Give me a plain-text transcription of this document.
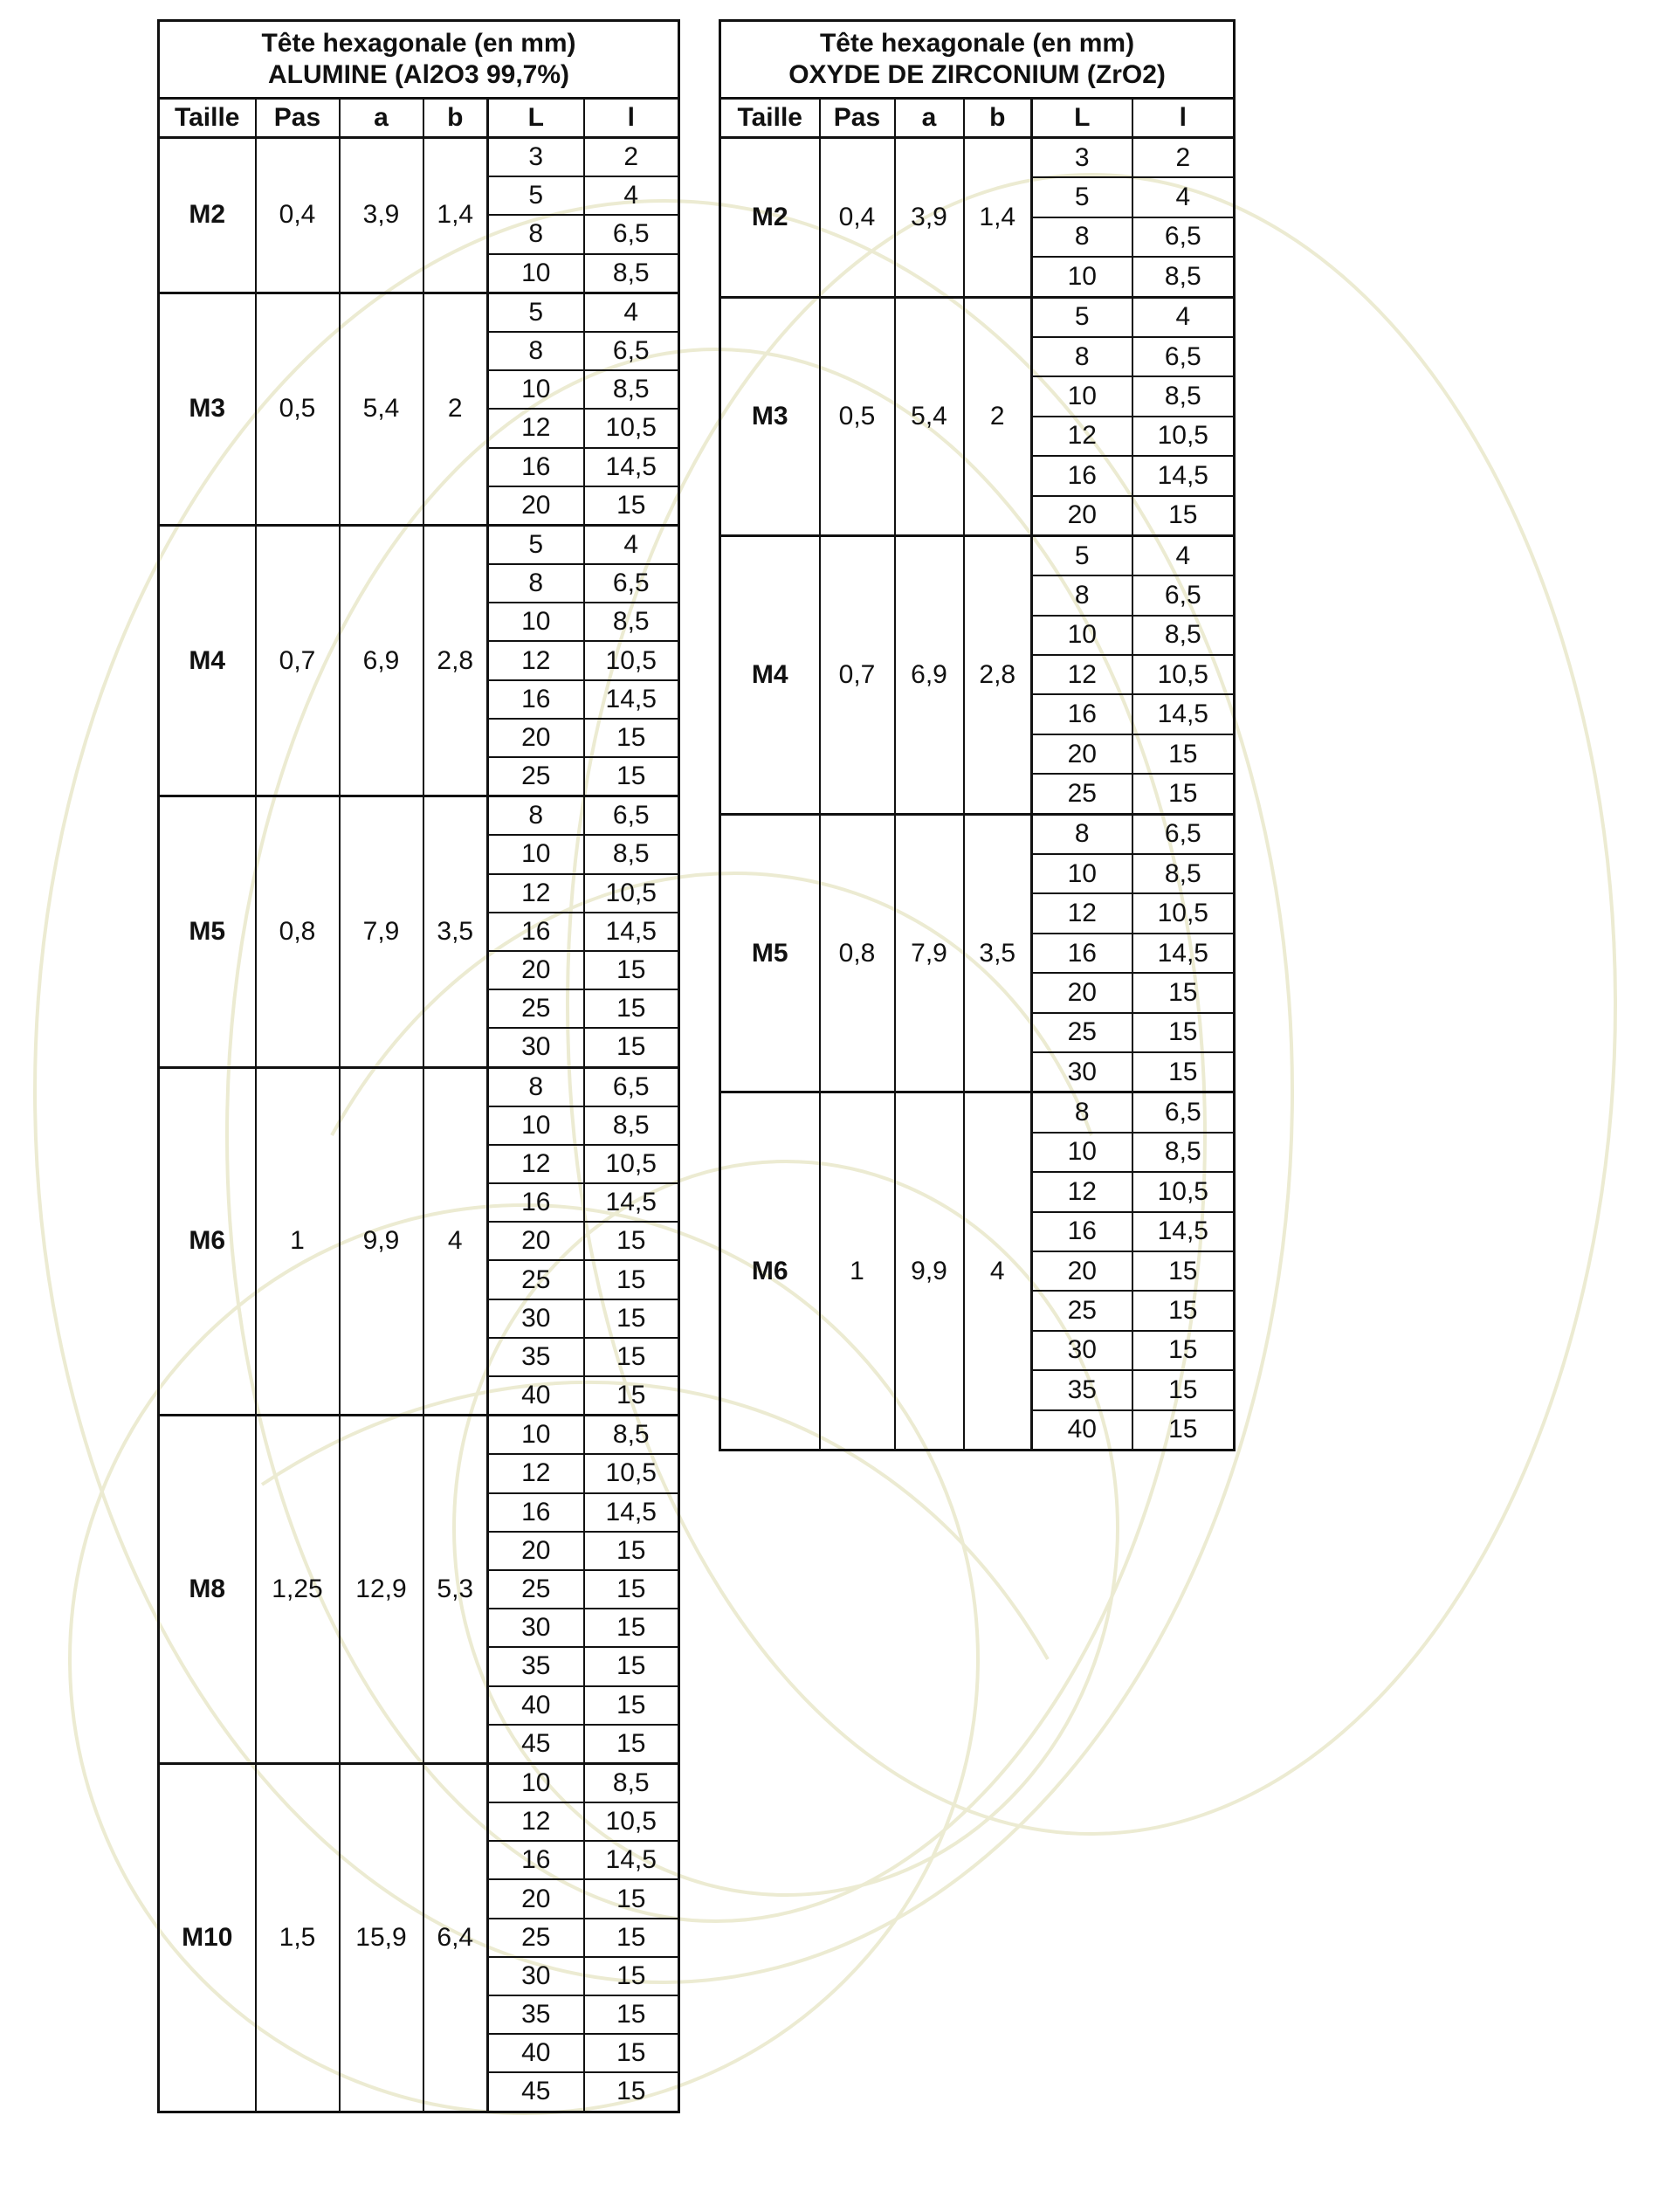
Tête hexagonale (en mm)
ALUMINE (Al2O3 99,7%)					

Taille	Pas	a	b	L	l
M2	0,4	3,9	1,4	3	2
				5	4
				8	6,5
				10	8,5
M3	0,5	5,4	2	5	4
				8	6,5
				10	8,5
				12	10,5
				16	14,5
				20	15
M4	0,7	6,9	2,8	5	4
				8	6,5
				10	8,5
				12	10,5
				16	14,5
				20	15
				25	15
M5	0,8	7,9	3,5	8	6,5
				10	8,5
				12	10,5
				16	14,5
				20	15
				25	15
				30	15
M6	1	9,9	4	8	6,5
				10	8,5
				12	10,5
				16	14,5
				20	15
				25	15
				30	15
				35	15
				40	15
M8	1,25	12,9	5,3	10	8,5
				12	10,5
				16	14,5
				20	15
				25	15
				30	15
				35	15
				40	15
				45	15
M10	1,5	15,9	6,4	10	8,5
				12	10,5
				16	14,5
				20	15
				25	15
				30	15
				35	15
				40	15
				45	15
Tête hexagonale (en mm)
OXYDE DE ZIRCONIUM (ZrO2)					

Taille	Pas	a	b	L	l
M2	0,4	3,9	1,4	3	2
				5	4
				8	6,5
				10	8,5
M3	0,5	5,4	2	5	4
				8	6,5
				10	8,5
				12	10,5
				16	14,5
				20	15
M4	0,7	6,9	2,8	5	4
				8	6,5
				10	8,5
				12	10,5
				16	14,5
				20	15
				25	15
M5	0,8	7,9	3,5	8	6,5
				10	8,5
				12	10,5
				16	14,5
				20	15
				25	15
				30	15
M6	1	9,9	4	8	6,5
				10	8,5
				12	10,5
				16	14,5
				20	15
				25	15
				30	15
				35	15
				40	15
